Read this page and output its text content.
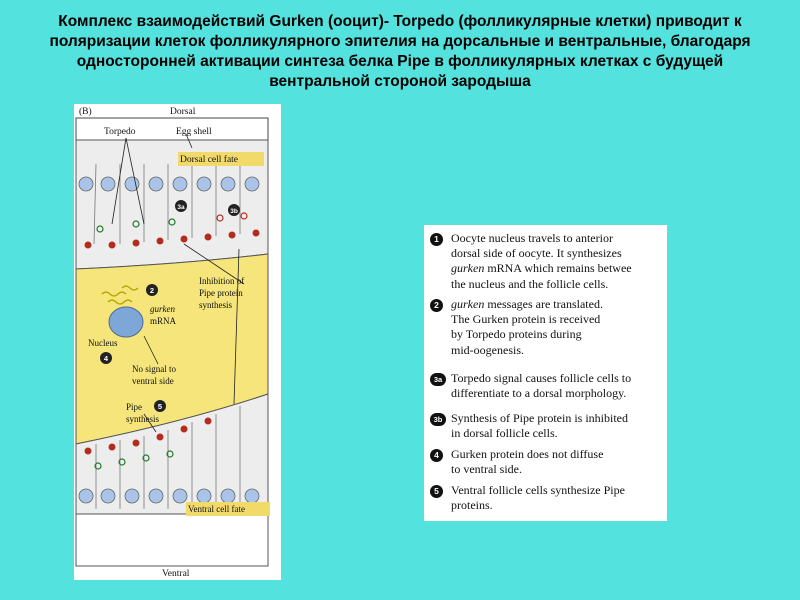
Комплекс взаимодействий Gurken (ооцит)- Torpedo (фолликулярные клетки) приводит к поляризации клеток фолликулярного эпителия на дорсальные и вентральные, благодаря односторонней активации синтеза белка Pipe в фолликулярных клетках с будущей вентральной стороной зародыша
(B)	Dorsal
Torpedo	Egg shell
Dorsal cell fate
3a
3b
Inhibition of
Pipe protein
synthesis
2
gurken
mRNA
Nucleus
4
No signal to
ventral side
Pipe 5
synthesis
Ventral cell fate
Ventral
1	Oocyte nucleus travels to anterior
dorsal side of oocyte. It synthesizes
gurken mRNA which remains betwee
the nucleus and the follicle cells.
2	gurken messages are translated.
The Gurken protein is received
by Torpedo proteins during
mid-oogenesis.
3a Torpedo signal causes follicle cells to
differentiate to a dorsal morphology.
3b Synthesis of Pipe protein is inhibited
in dorsal follicle cells.
4	Gurken protein does not diffuse
to ventral side.
5	Ventral follicle cells synthesize Pipe
proteins.
